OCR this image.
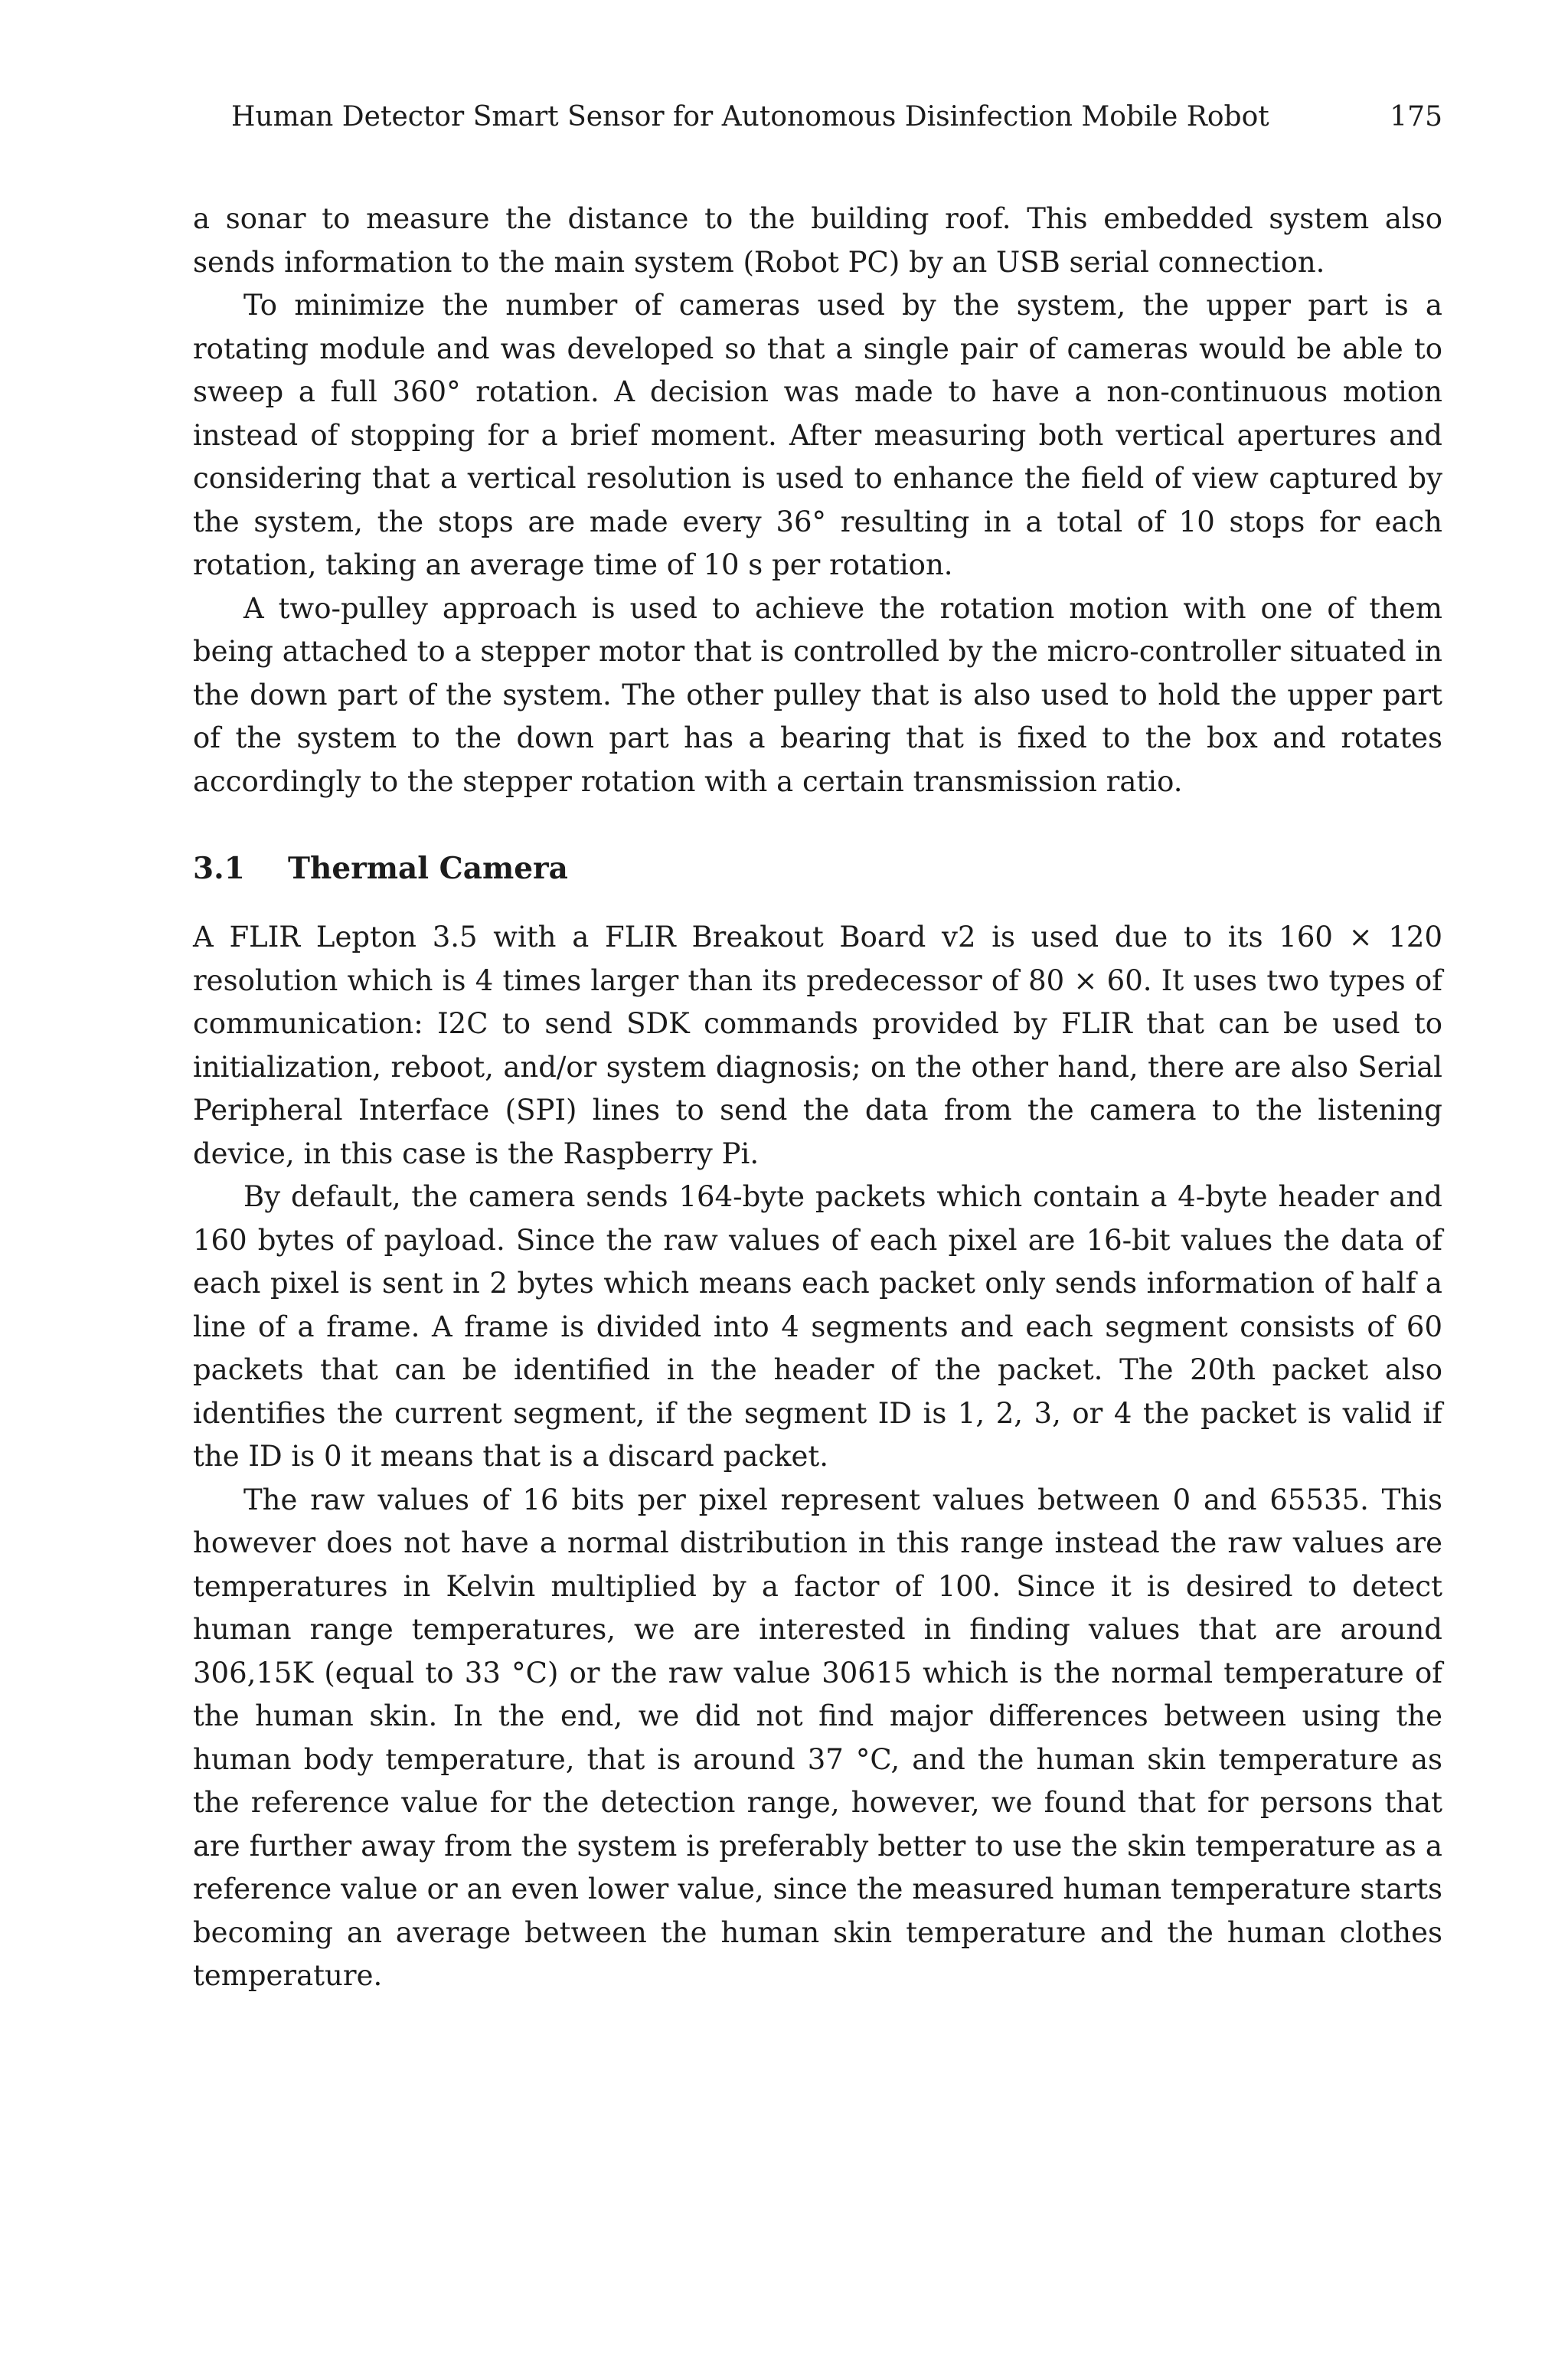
Human Detector Smart Sensor for Autonomous Disinfection Mobile Robot	175

a sonar to measure the distance to the building roof. This embedded system also sends information to the main system (Robot PC) by an USB serial connection.

To minimize the number of cameras used by the system, the upper part is a rotating module and was developed so that a single pair of cameras would be able to sweep a full 360° rotation. A decision was made to have a non-continuous motion instead of stopping for a brief moment. After measuring both vertical apertures and considering that a vertical resolution is used to enhance the field of view captured by the system, the stops are made every 36° resulting in a total of 10 stops for each rotation, taking an average time of 10 s per rotation.

A two-pulley approach is used to achieve the rotation motion with one of them being attached to a stepper motor that is controlled by the micro-controller situated in the down part of the system. The other pulley that is also used to hold the upper part of the system to the down part has a bearing that is fixed to the box and rotates accordingly to the stepper rotation with a certain transmission ratio.

3.1 Thermal Camera

A FLIR Lepton 3.5 with a FLIR Breakout Board v2 is used due to its 160 × 120 resolution which is 4 times larger than its predecessor of 80 × 60. It uses two types of communication: I2C to send SDK commands provided by FLIR that can be used to initialization, reboot, and/or system diagnosis; on the other hand, there are also Serial Peripheral Interface (SPI) lines to send the data from the camera to the listening device, in this case is the Raspberry Pi.

By default, the camera sends 164-byte packets which contain a 4-byte header and 160 bytes of payload. Since the raw values of each pixel are 16-bit values the data of each pixel is sent in 2 bytes which means each packet only sends information of half a line of a frame. A frame is divided into 4 segments and each segment consists of 60 packets that can be identified in the header of the packet. The 20th packet also identifies the current segment, if the segment ID is 1, 2, 3, or 4 the packet is valid if the ID is 0 it means that is a discard packet.

The raw values of 16 bits per pixel represent values between 0 and 65535. This however does not have a normal distribution in this range instead the raw values are temperatures in Kelvin multiplied by a factor of 100. Since it is desired to detect human range temperatures, we are interested in finding values that are around 306,15K (equal to 33 °C) or the raw value 30615 which is the normal temperature of the human skin. In the end, we did not find major differences between using the human body temperature, that is around 37 °C, and the human skin temperature as the reference value for the detection range, however, we found that for persons that are further away from the system is preferably better to use the skin temperature as a reference value or an even lower value, since the measured human temperature starts becoming an average between the human skin temperature and the human clothes temperature.
